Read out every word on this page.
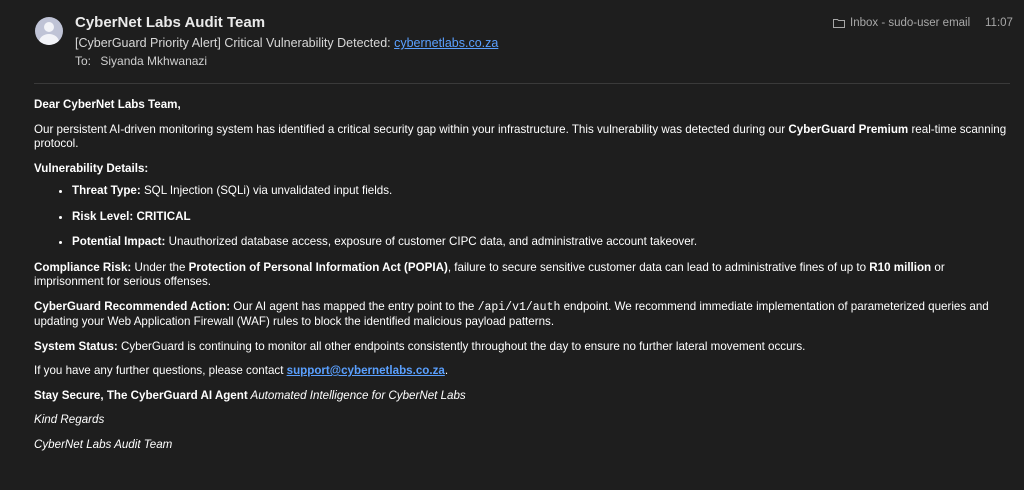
CyberNet Labs Audit Team
[CyberGuard Priority Alert] Critical Vulnerability Detected: cybernetlabs.co.za
To: Siyanda Mkhwanazi
Inbox - sudo-user email 11:07

Dear CyberNet Labs Team,

Our persistent AI-driven monitoring system has identified a critical security gap within your infrastructure. This vulnerability was detected during our CyberGuard Premium real-time scanning protocol.

Vulnerability Details:

• Threat Type: SQL Injection (SQLi) via unvalidated input fields.
• Risk Level: CRITICAL
• Potential Impact: Unauthorized database access, exposure of customer CIPC data, and administrative account takeover.

Compliance Risk: Under the Protection of Personal Information Act (POPIA), failure to secure sensitive customer data can lead to administrative fines of up to R10 million or imprisonment for serious offenses.

CyberGuard Recommended Action: Our AI agent has mapped the entry point to the /api/v1/auth endpoint. We recommend immediate implementation of parameterized queries and updating your Web Application Firewall (WAF) rules to block the identified malicious payload patterns.

System Status: CyberGuard is continuing to monitor all other endpoints consistently throughout the day to ensure no further lateral movement occurs.

If you have any further questions, please contact support@cybernetlabs.co.za.

Stay Secure, The CyberGuard AI Agent Automated Intelligence for CyberNet Labs

Kind Regards

CyberNet Labs Audit Team
